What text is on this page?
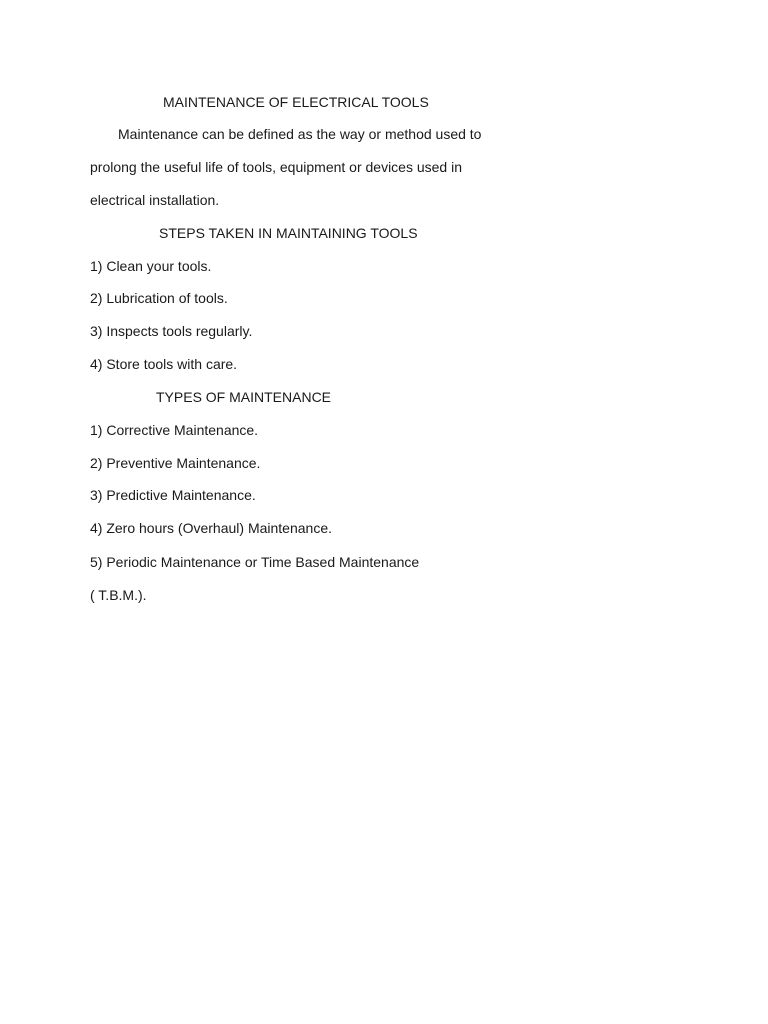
MAINTENANCE OF ELECTRICAL TOOLS
Maintenance can be defined as the way or method used to
prolong the useful life of tools, equipment or devices used in
electrical installation.
STEPS TAKEN IN MAINTAINING TOOLS
1) Clean your tools.
2) Lubrication of tools.
3) Inspects tools regularly.
4) Store tools with care.
TYPES OF MAINTENANCE
1) Corrective Maintenance.
2) Preventive Maintenance.
3) Predictive Maintenance.
4) Zero hours (Overhaul) Maintenance.
5) Periodic Maintenance or Time Based Maintenance
( T.B.M.).
